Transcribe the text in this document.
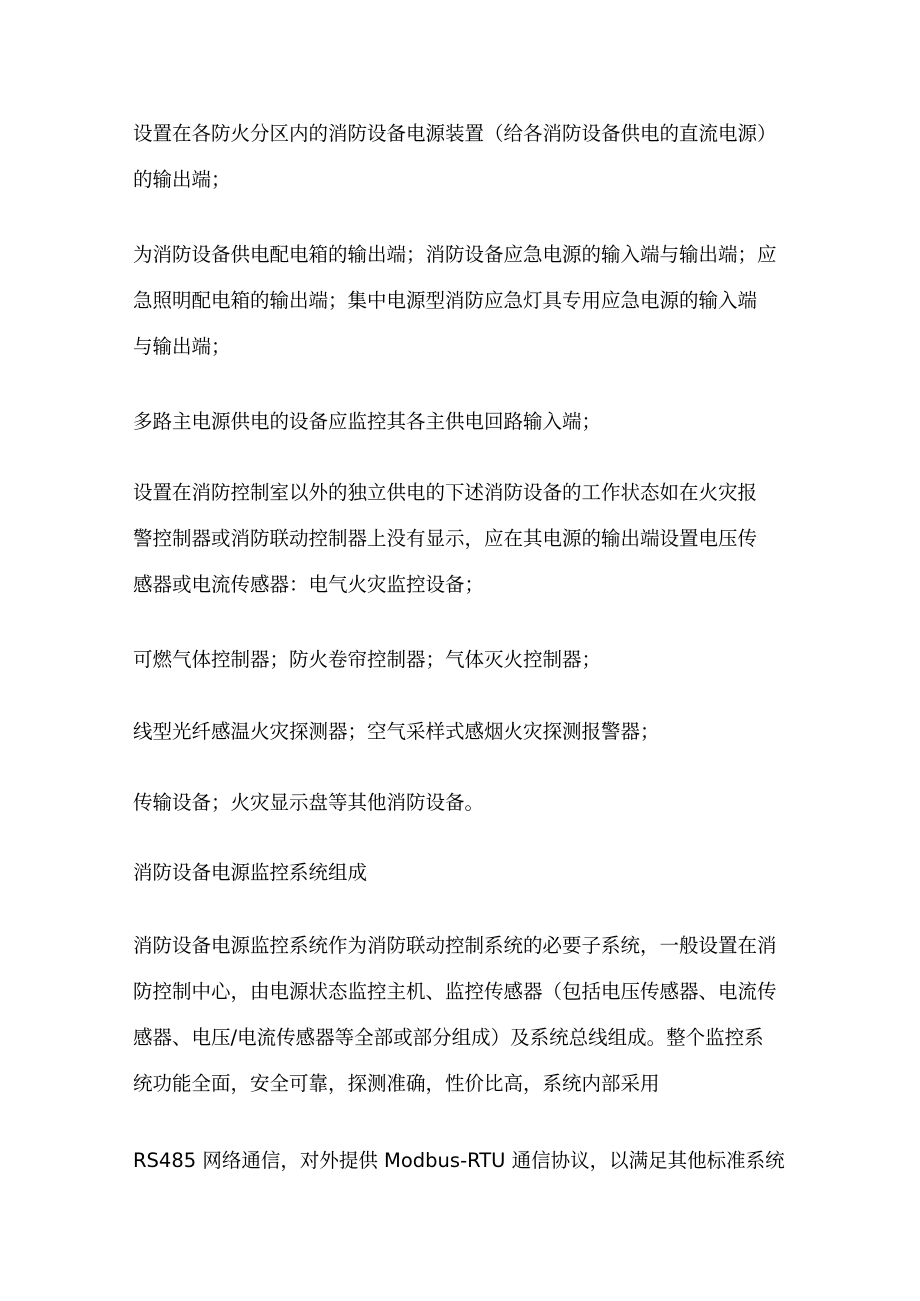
设置在各防火分区内的消防设备电源装置（给各消防设备供电的直流电源）
的输出端；

为消防设备供电配电箱的输出端；消防设备应急电源的输入端与输出端；应
急照明配电箱的输出端；集中电源型消防应急灯具专用应急电源的输入端
与输出端；

多路主电源供电的设备应监控其各主供电回路输入端；

设置在消防控制室以外的独立供电的下述消防设备的工作状态如在火灾报
警控制器或消防联动控制器上没有显示，应在其电源的输出端设置电压传
感器或电流传感器：电气火灾监控设备；

可燃气体控制器；防火卷帘控制器；气体灭火控制器；

线型光纤感温火灾探测器；空气采样式感烟火灾探测报警器；

传输设备；火灾显示盘等其他消防设备。

消防设备电源监控系统组成

消防设备电源监控系统作为消防联动控制系统的必要子系统，一般设置在消
防控制中心，由电源状态监控主机、监控传感器（包括电压传感器、电流传
感器、电压/电流传感器等全部或部分组成）及系统总线组成。整个监控系
统功能全面，安全可靠，探测准确，性价比高，系统内部采用

RS485 网络通信，对外提供 Modbus-RTU 通信协议，以满足其他标准系统
